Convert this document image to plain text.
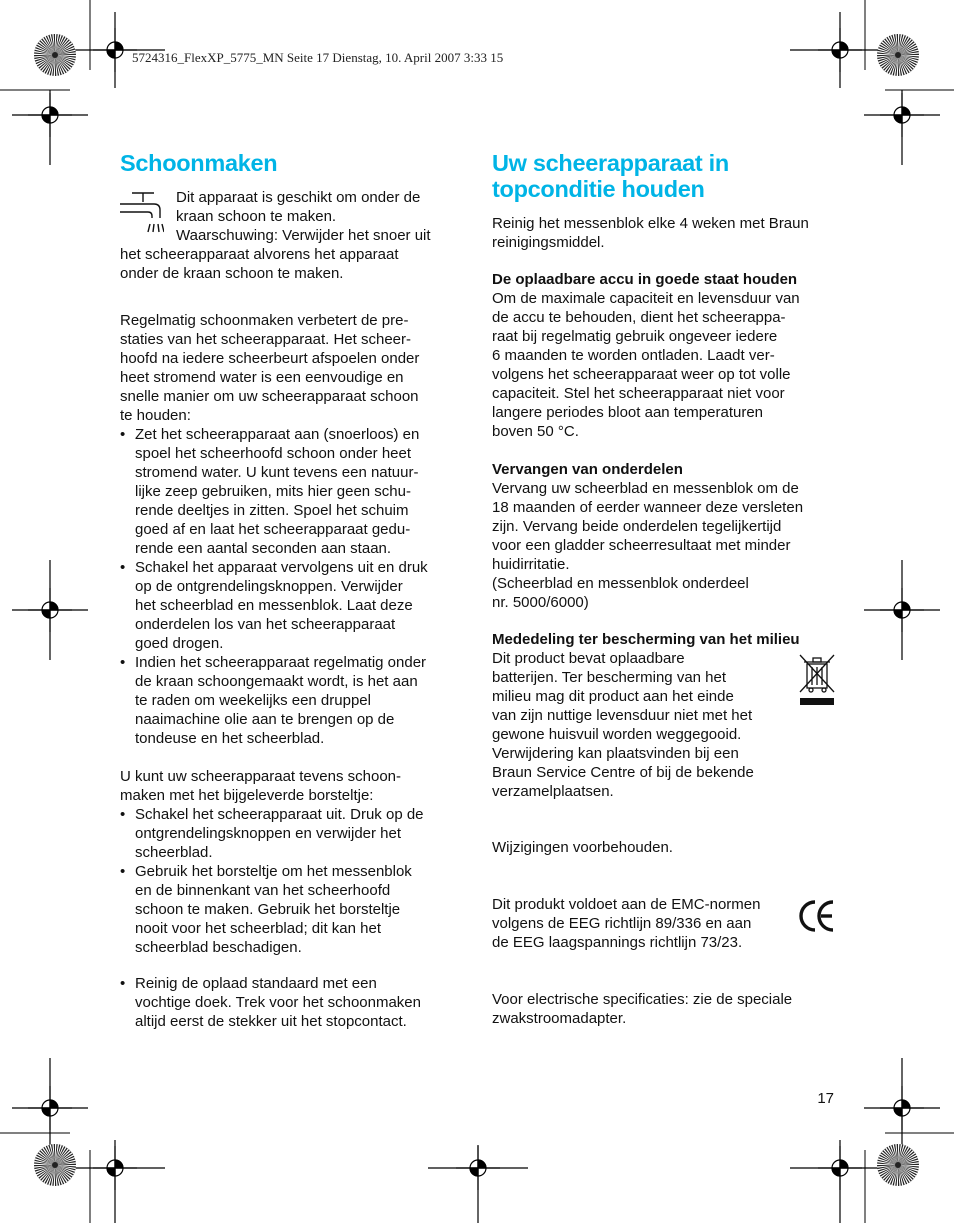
5724316_FlexXP_5775_MN Seite 17 Dienstag, 10. April 2007 3:33 15
Schoonmaken

Dit apparaat is geschikt om onder de

kraan schoon te maken.

Waarschuwing: Verwijder het snoer uit

het scheerapparaat alvorens het apparaat

onder de kraan schoon te maken.

Regelmatig schoonmaken verbetert de pre-

staties van het scheerapparaat. Het scheer-

hoofd na iedere scheerbeurt afspoelen onder

heet stromend water is een eenvoudige en

snelle manier om uw scheerapparaat schoon

te houden:

• Zet het scheerapparaat aan (snoerloos) en
spoel het scheerhoofd schoon onder heet
stromend water. U kunt tevens een natuur-
lijke zeep gebruiken, mits hier geen schu-
rende deeltjes in zitten. Spoel het schuim
goed af en laat het scheerapparaat gedu-
rende een aantal seconden aan staan.
• Schakel het apparaat vervolgens uit en druk
op de ontgrendelingsknoppen. Verwijder
het scheerblad en messenblok. Laat deze
onderdelen los van het scheerapparaat
goed drogen.
• Indien het scheerapparaat regelmatig onder
de kraan schoongemaakt wordt, is het aan
te raden om weekelijks een druppel
naaimachine olie aan te brengen op de
tondeuse en het scheerblad.

U kunt uw scheerapparaat tevens schoon-

maken met het bijgeleverde borsteltje:

• Schakel het scheerapparaat uit. Druk op de
ontgrendelingsknoppen en verwijder het
scheerblad.
• Gebruik het borsteltje om het messenblok
en de binnenkant van het scheerhoofd
schoon te maken. Gebruik het borsteltje
nooit voor het scheerblad; dit kan het
scheerblad beschadigen.
• Reinig de oplaad standaard met een
vochtige doek. Trek voor het schoonmaken
altijd eerst de stekker uit het stopcontact.
Uw scheerapparaat in
topconditie houden

Reinig het messenblok elke 4 weken met Braun

reinigingsmiddel.

De oplaadbare accu in goede staat houden

Om de maximale capaciteit en levensduur van

de accu te behouden, dient het scheerappa-

raat bij regelmatig gebruik ongeveer iedere

6 maanden te worden ontladen. Laadt ver-

volgens het scheerapparaat weer op tot volle

capaciteit. Stel het scheerapparaat niet voor

langere periodes bloot aan temperaturen

boven 50 °C.

Vervangen van onderdelen

Vervang uw scheerblad en messenblok om de

18 maanden of eerder wanneer deze versleten

zijn. Vervang beide onderdelen tegelijkertijd

voor een gladder scheerresultaat met minder

huidirritatie.

(Scheerblad en messenblok onderdeel

nr. 5000/6000)

Mededeling ter bescherming van het milieu

Dit product bevat oplaadbare

batterijen. Ter bescherming van het

milieu mag dit product aan het einde

van zijn nuttige levensduur niet met het

gewone huisvuil worden weggegooid.

Verwijdering kan plaatsvinden bij een

Braun Service Centre of bij de bekende

verzamelplaatsen.

Wijzigingen voorbehouden.

Dit produkt voldoet aan de EMC-normen

volgens de EEG richtlijn 89/336 en aan

de EEG laagspannings richtlijn 73/23.

Voor electrische specificaties: zie de speciale

zwakstroomadapter.

17
